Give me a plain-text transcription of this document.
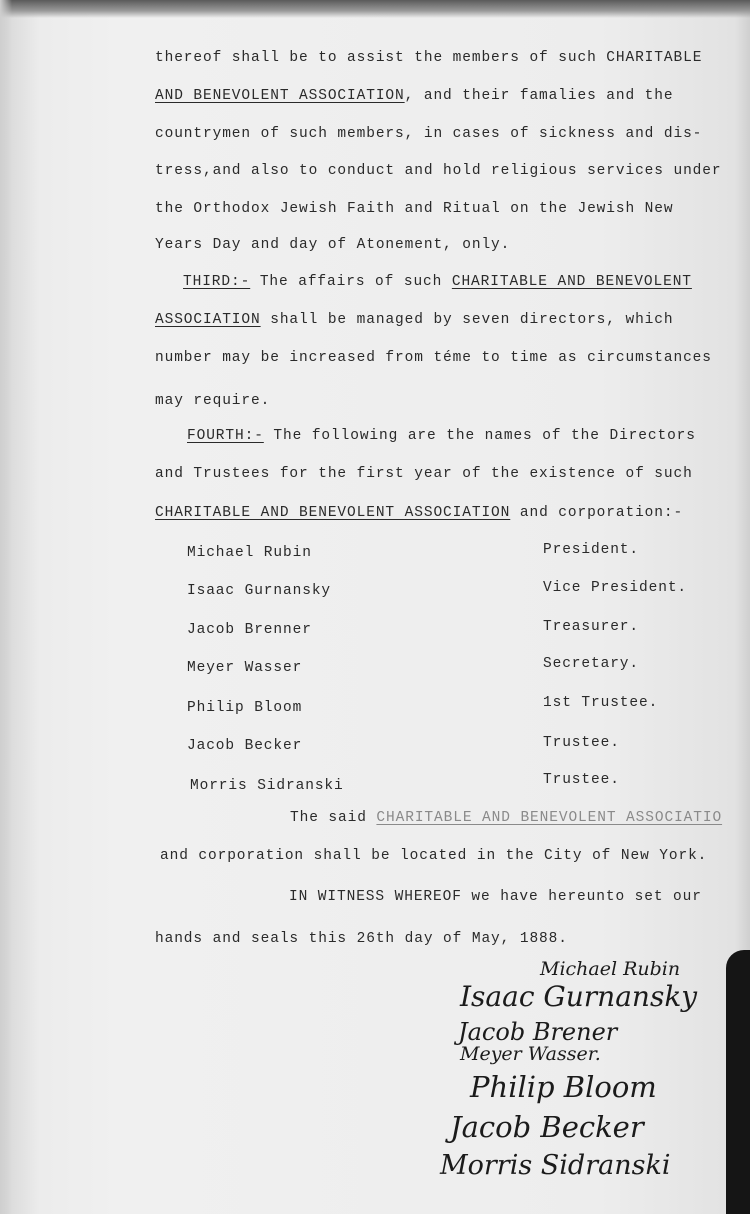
thereof shall be to assist the members of such CHARITABLE
AND BENEVOLENT ASSOCIATION, and their famalies and the
countrymen of such members, in cases of sickness and dis-
tress,and also to conduct and hold religious services under
the Orthodox Jewish Faith and Ritual on the Jewish New
Years Day and day of Atonement, only.
THIRD:- The affairs of such CHARITABLE AND BENEVOLENT
ASSOCIATION shall be managed by seven directors, which
number may be increased from téme to time as circumstances
may require.
FOURTH:- The following are the names of the Directors
and Trustees for the first year of the existence of such
CHARITABLE AND BENEVOLENT ASSOCIATION and corporation:-
Michael Rubin	President.
Isaac Gurnansky	Vice President.
Jacob Brenner	Treasurer.
Meyer Wasser	Secretary.
Philip Bloom	1st Trustee.
Jacob Becker	Trustee.
Morris Sidranski	Trustee.
The said CHARITABLE AND BENEVOLENT ASSOCIATIO
and corporation shall be located in the City of New York.
IN WITNESS WHEREOF we have hereunto set our
hands and seals this 26th day of May, 1888.
Michael Rubin
Isaac Gurnansky
Jacob Brener
Meyer Wasser.
Philip Bloom
Jacob Becker
Morris Sidranski
